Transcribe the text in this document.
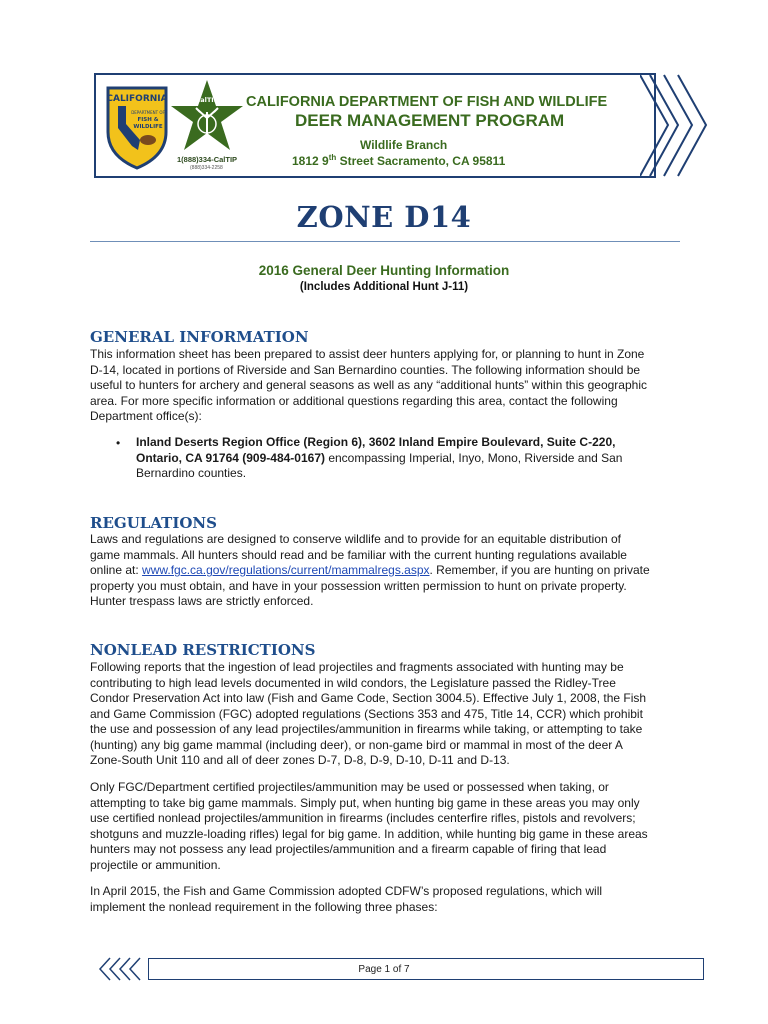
CALIFORNIA
DEPARTMENT OF
FISH &
WILDLIFE
CalTIP
1(888)334-CalTIP
(888)334-2258
CALIFORNIA DEPARTMENT OF FISH AND WILDLIFE
DEER MANAGEMENT PROGRAM
Wildlife Branch
1812 9th Street Sacramento, CA 95811
ZONE D14
2016 General Deer Hunting Information
(Includes Additional Hunt J-11)
GENERAL INFORMATION
This information sheet has been prepared to assist deer hunters applying for, or planning to hunt in Zone
D-14, located in portions of Riverside and San Bernardino counties. The following information should be
useful to hunters for archery and general seasons as well as any “additional hunts” within this geographic
area. For more specific information or additional questions regarding this area, contact the following
Department office(s):
• Inland Deserts Region Office (Region 6), 3602 Inland Empire Boulevard, Suite C-220,
Ontario, CA 91764 (909-484-0167) encompassing Imperial, Inyo, Mono, Riverside and San
Bernardino counties.
REGULATIONS
Laws and regulations are designed to conserve wildlife and to provide for an equitable distribution of
game mammals. All hunters should read and be familiar with the current hunting regulations available
online at: www.fgc.ca.gov/regulations/current/mammalregs.aspx. Remember, if you are hunting on private
property you must obtain, and have in your possession written permission to hunt on private property.
Hunter trespass laws are strictly enforced.
NONLEAD RESTRICTIONS
Following reports that the ingestion of lead projectiles and fragments associated with hunting may be
contributing to high lead levels documented in wild condors, the Legislature passed the Ridley-Tree
Condor Preservation Act into law (Fish and Game Code, Section 3004.5). Effective July 1, 2008, the Fish
and Game Commission (FGC) adopted regulations (Sections 353 and 475, Title 14, CCR) which prohibit
the use and possession of any lead projectiles/ammunition in firearms while taking, or attempting to take
(hunting) any big game mammal (including deer), or non-game bird or mammal in most of the deer A
Zone-South Unit 110 and all of deer zones D-7, D-8, D-9, D-10, D-11 and D-13.
Only FGC/Department certified projectiles/ammunition may be used or possessed when taking, or
attempting to take big game mammals. Simply put, when hunting big game in these areas you may only
use certified nonlead projectiles/ammunition in firearms (includes centerfire rifles, pistols and revolvers;
shotguns and muzzle-loading rifles) legal for big game. In addition, while hunting big game in these areas
hunters may not possess any lead projectiles/ammunition and a firearm capable of firing that lead
projectile or ammunition.
In April 2015, the Fish and Game Commission adopted CDFW’s proposed regulations, which will
implement the nonlead requirement in the following three phases:
Page 1 of 7
